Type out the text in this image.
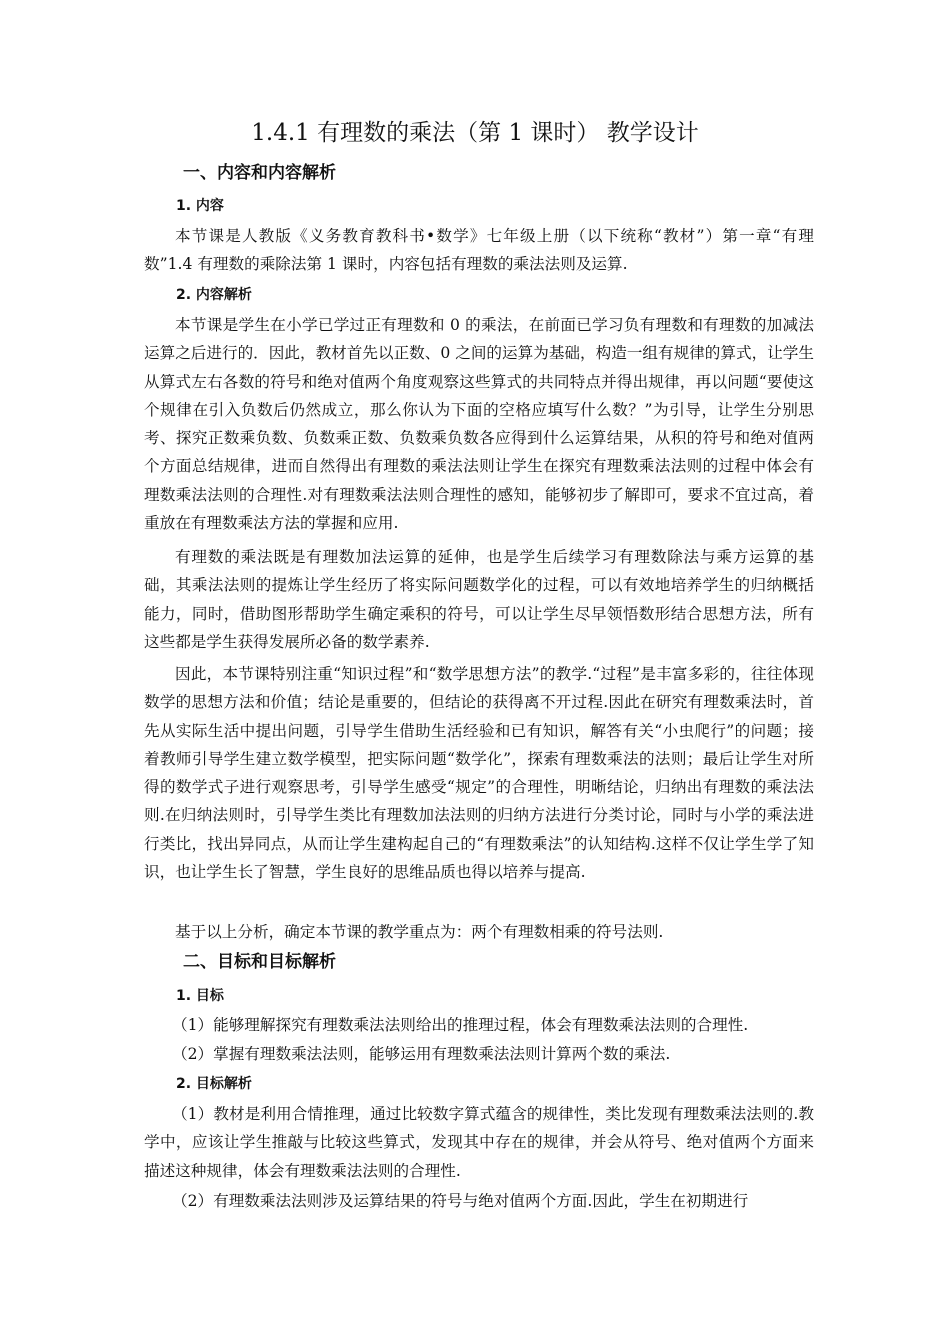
1.4.1 有理数的乘法（第 1 课时） 教学设计
一、内容和内容解析
1. 内容

本节课是人教版《义务教育教科书•数学》七年级上册（以下统称“教材”）第一章“有理数”1.4 有理数的乘除法第 1 课时，内容包括有理数的乘法法则及运算.

2. 内容解析

本节课是学生在小学已学过正有理数和 0 的乘法，在前面已学习负有理数和有理数的加减法运算之后进行的．因此，教材首先以正数、0 之间的运算为基础，构造一组有规律的算式，让学生从算式左右各数的符号和绝对值两个角度观察这些算式的共同特点并得出规律，再以问题“要使这个规律在引入负数后仍然成立，那么你认为下面的空格应填写什么数？”为引导，让学生分别思考、探究正数乘负数、负数乘正数、负数乘负数各应得到什么运算结果，从积的符号和绝对值两个方面总结规律，进而自然得出有理数的乘法法则让学生在探究有理数乘法法则的过程中体会有理数乘法法则的合理性.对有理数乘法法则合理性的感知，能够初步了解即可，要求不宜过高，着重放在有理数乘法方法的掌握和应用.

有理数的乘法既是有理数加法运算的延伸，也是学生后续学习有理数除法与乘方运算的基础，其乘法法则的提炼让学生经历了将实际问题数学化的过程，可以有效地培养学生的归纳概括能力，同时，借助图形帮助学生确定乘积的符号，可以让学生尽早领悟数形结合思想方法，所有这些都是学生获得发展所必备的数学素养.

因此，本节课特别注重“知识过程”和“数学思想方法”的教学.“过程”是丰富多彩的，往往体现数学的思想方法和价值；结论是重要的，但结论的获得离不开过程.因此在研究有理数乘法时，首先从实际生活中提出问题，引导学生借助生活经验和已有知识，解答有关“小虫爬行”的问题；接着教师引导学生建立数学模型，把实际问题“数学化”，探索有理数乘法的法则；最后让学生对所得的数学式子进行观察思考，引导学生感受“规定”的合理性，明晰结论，归纳出有理数的乘法法则.在归纳法则时，引导学生类比有理数加法法则的归纳方法进行分类讨论，同时与小学的乘法进行类比，找出异同点，从而让学生建构起自己的“有理数乘法”的认知结构.这样不仅让学生学了知识，也让学生长了智慧，学生良好的思维品质也得以培养与提高.

基于以上分析，确定本节课的教学重点为：两个有理数相乘的符号法则.

二、目标和目标解析
1. 目标

（1）能够理解探究有理数乘法法则给出的推理过程，体会有理数乘法法则的合理性.

（2）掌握有理数乘法法则，能够运用有理数乘法法则计算两个数的乘法.

2. 目标解析

（1）教材是利用合情推理，通过比较数字算式蕴含的规律性，类比发现有理数乘法法则的.教学中，应该让学生推敲与比较这些算式，发现其中存在的规律，并会从符号、绝对值两个方面来描述这种规律，体会有理数乘法法则的合理性.

（2）有理数乘法法则涉及运算结果的符号与绝对值两个方面.因此，学生在初期进行
